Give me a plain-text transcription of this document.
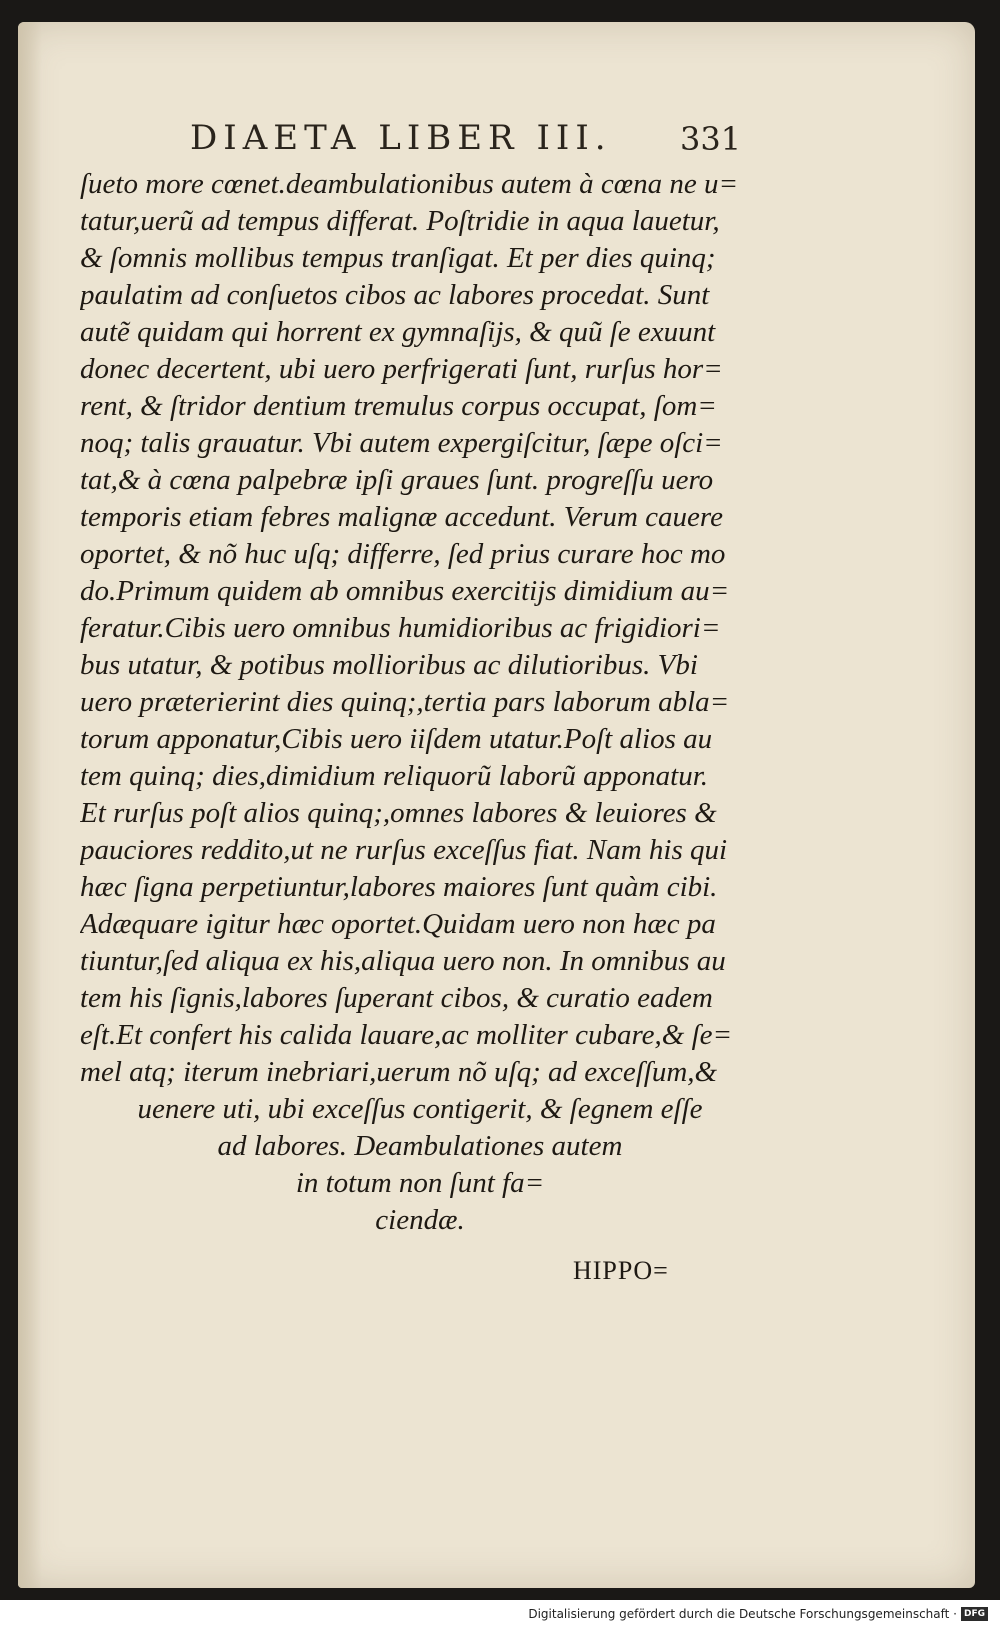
DIAETA LIBER III. 331
ſueto more cœnet.deambulationibus autem à cœna ne u=
tatur,uerũ ad tempus differat. Poſtridie in aqua lauetur,
& ſomnis mollibus tempus tranſigat. Et per dies quinq;
paulatim ad conſuetos cibos ac labores procedat. Sunt
autẽ quidam qui horrent ex gymnaſijs, & quũ ſe exuunt
donec decertent, ubi uero perfrigerati ſunt, rurſus hor=
rent, & ſtridor dentium tremulus corpus occupat, ſom=
noq; talis grauatur. Vbi autem expergiſcitur, ſæpe oſci=
tat,& à cœna palpebræ ipſi graues ſunt. progreſſu uero
temporis etiam febres malignæ accedunt. Verum cauere
oportet, & nõ huc uſq; differre, ſed prius curare hoc mo
do.Primum quidem ab omnibus exercitijs dimidium au=
feratur.Cibis uero omnibus humidioribus ac frigidiori=
bus utatur, & potibus mollioribus ac dilutioribus. Vbi
uero præterierint dies quinq;,tertia pars laborum abla=
torum apponatur,Cibis uero iiſdem utatur.Poſt alios au
tem quinq; dies,dimidium reliquorũ laborũ apponatur.
Et rurſus poſt alios quinq;,omnes labores & leuiores &
pauciores reddito,ut ne rurſus exceſſus fiat. Nam his qui
hæc ſigna perpetiuntur,labores maiores ſunt quàm cibi.
Adæquare igitur hæc oportet.Quidam uero non hæc pa
tiuntur,ſed aliqua ex his,aliqua uero non. In omnibus au
tem his ſignis,labores ſuperant cibos, & curatio eadem
eſt.Et confert his calida lauare,ac molliter cubare,& ſe=
mel atq; iterum inebriari,uerum nõ uſq; ad exceſſum,&
uenere uti, ubi exceſſus contigerit, & ſegnem eſſe
ad labores. Deambulationes autem
in totum non ſunt fa=
ciendæ.
HIPPO=
Digitalisierung gefördert durch die Deutsche Forschungsgemeinschaft · DFG
